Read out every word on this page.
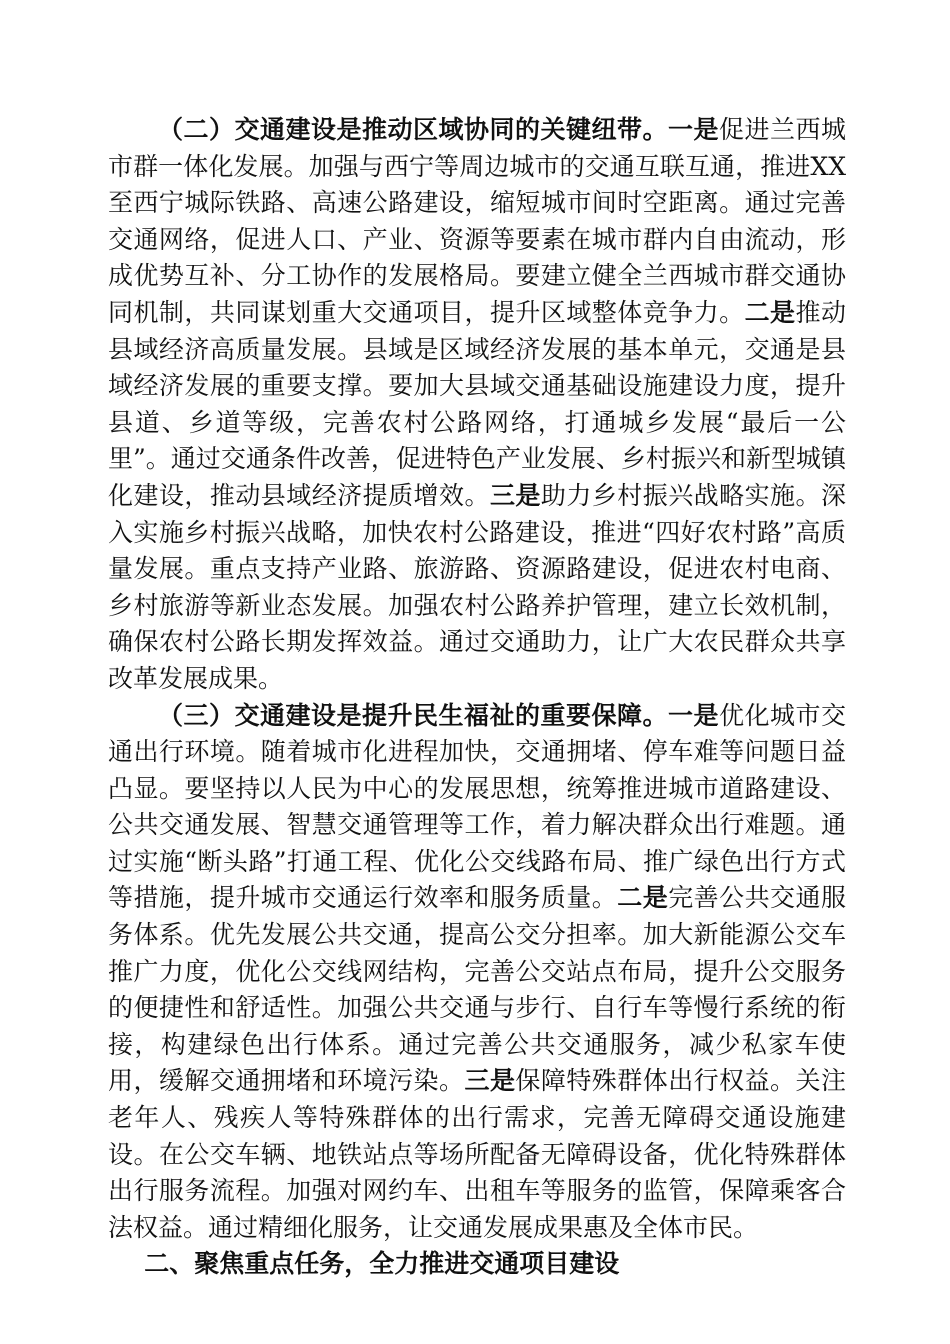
（二）交通建设是推动区域协同的关键纽带。一是促进兰西城市群一体化发展。加强与西宁等周边城市的交通互联互通，推进XX至西宁城际铁路、高速公路建设，缩短城市间时空距离。通过完善交通网络，促进人口、产业、资源等要素在城市群内自由流动，形成优势互补、分工协作的发展格局。要建立健全兰西城市群交通协同机制，共同谋划重大交通项目，提升区域整体竞争力。二是推动县域经济高质量发展。县域是区域经济发展的基本单元，交通是县域经济发展的重要支撑。要加大县域交通基础设施建设力度，提升县道、乡道等级，完善农村公路网络，打通城乡发展“最后一公里”。通过交通条件改善，促进特色产业发展、乡村振兴和新型城镇化建设，推动县域经济提质增效。三是助力乡村振兴战略实施。深入实施乡村振兴战略，加快农村公路建设，推进“四好农村路”高质量发展。重点支持产业路、旅游路、资源路建设，促进农村电商、乡村旅游等新业态发展。加强农村公路养护管理，建立长效机制，确保农村公路长期发挥效益。通过交通助力，让广大农民群众共享改革发展成果。

（三）交通建设是提升民生福祉的重要保障。一是优化城市交通出行环境。随着城市化进程加快，交通拥堵、停车难等问题日益凸显。要坚持以人民为中心的发展思想，统筹推进城市道路建设、公共交通发展、智慧交通管理等工作，着力解决群众出行难题。通过实施“断头路”打通工程、优化公交线路布局、推广绿色出行方式等措施，提升城市交通运行效率和服务质量。二是完善公共交通服务体系。优先发展公共交通，提高公交分担率。加大新能源公交车推广力度，优化公交线网结构，完善公交站点布局，提升公交服务的便捷性和舒适性。加强公共交通与步行、自行车等慢行系统的衔接，构建绿色出行体系。通过完善公共交通服务，减少私家车使用，缓解交通拥堵和环境污染。三是保障特殊群体出行权益。关注老年人、残疾人等特殊群体的出行需求，完善无障碍交通设施建设。在公交车辆、地铁站点等场所配备无障碍设备，优化特殊群体出行服务流程。加强对网约车、出租车等服务的监管，保障乘客合法权益。通过精细化服务，让交通发展成果惠及全体市民。

二、聚焦重点任务，全力推进交通项目建设
